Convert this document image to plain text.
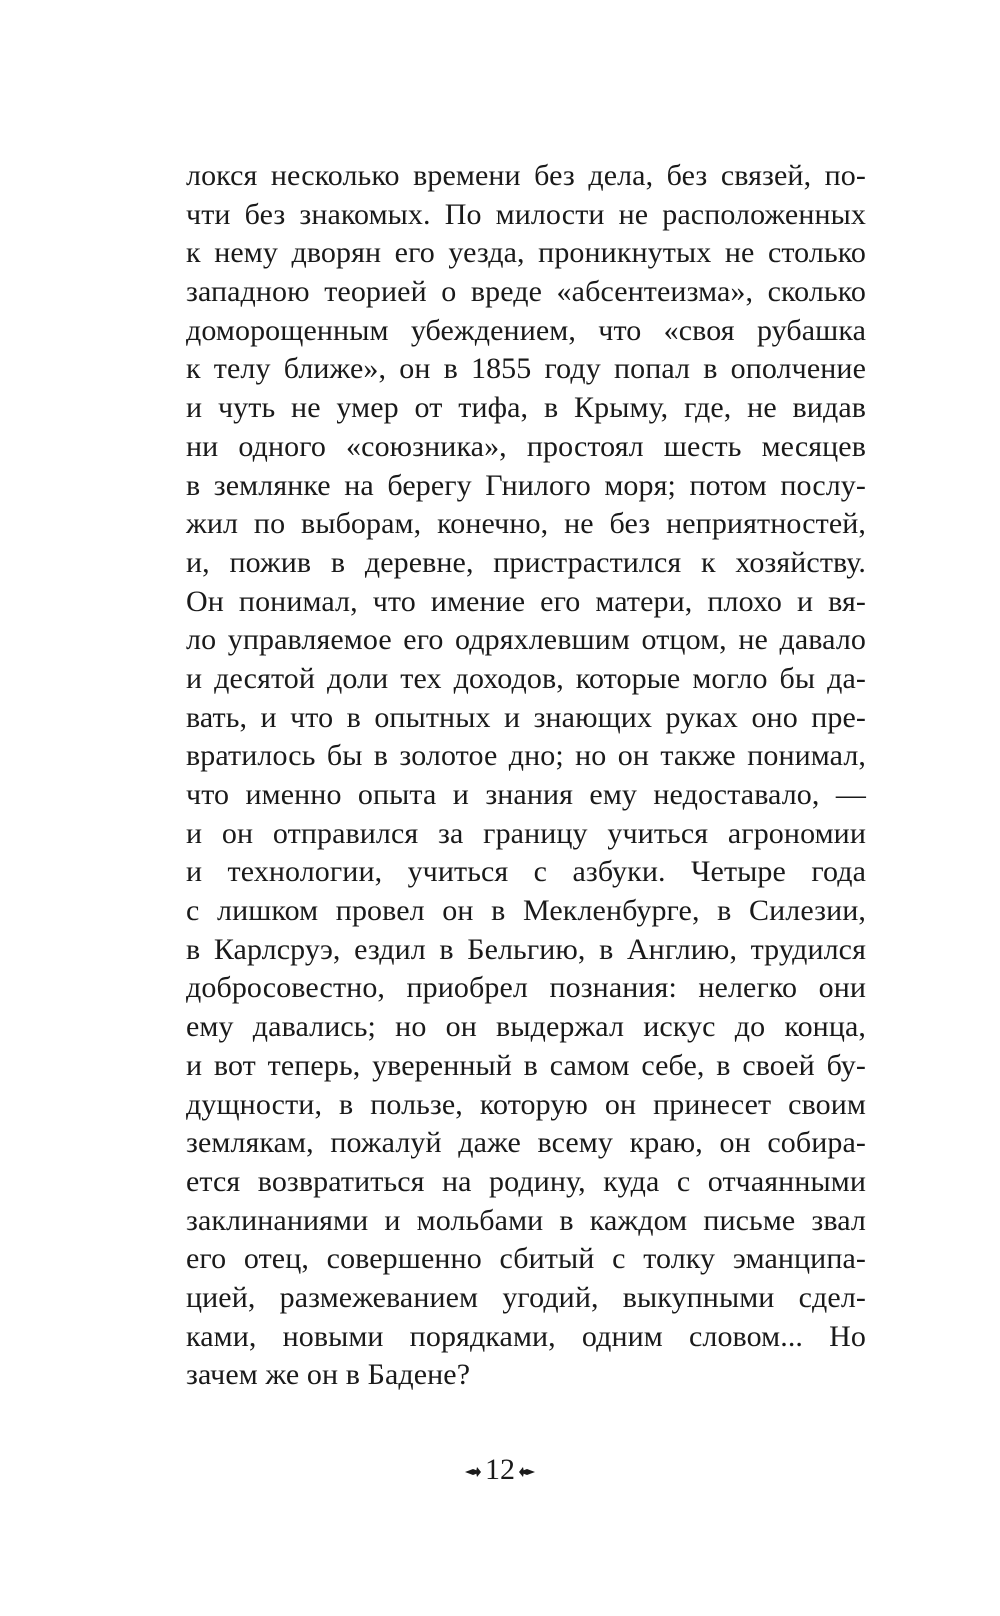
локся несколько времени без дела, без связей, по-
чти без знакомых. По милости не расположенных
к нему дворян его уезда, проникнутых не столько
западною теорией о вреде «абсентеизма», сколько
доморощенным убеждением, что «своя рубашка
к телу ближе», он в 1855 году попал в ополчение
и чуть не умер от тифа, в Крыму, где, не видав
ни одного «союзника», простоял шесть месяцев
в землянке на берегу Гнилого моря; потом послу-
жил по выборам, конечно, не без неприятностей,
и, пожив в деревне, пристрастился к хозяйству.
Он понимал, что имение его матери, плохо и вя-
ло управляемое его одряхлевшим отцом, не давало
и десятой доли тех доходов, которые могло бы да-
вать, и что в опытных и знающих руках оно пре-
вратилось бы в золотое дно; но он также понимал,
что именно опыта и знания ему недоставало, —
и он отправился за границу учиться агрономии
и технологии, учиться с азбуки. Четыре года
с лишком провел он в Мекленбурге, в Силезии,
в Карлсруэ, ездил в Бельгию, в Англию, трудился
добросовестно, приобрел познания: нелегко они
ему давались; но он выдержал искус до конца,
и вот теперь, уверенный в самом себе, в своей бу-
дущности, в пользе, которую он принесет своим
землякам, пожалуй даже всему краю, он собира-
ется возвратиться на родину, куда с отчаянными
заклинаниями и мольбами в каждом письме звал
его отец, совершенно сбитый с толку эманципа-
цией, размежеванием угодий, выкупными сдел-
ками, новыми порядками, одним словом... Но
зачем же он в Бадене?
12
